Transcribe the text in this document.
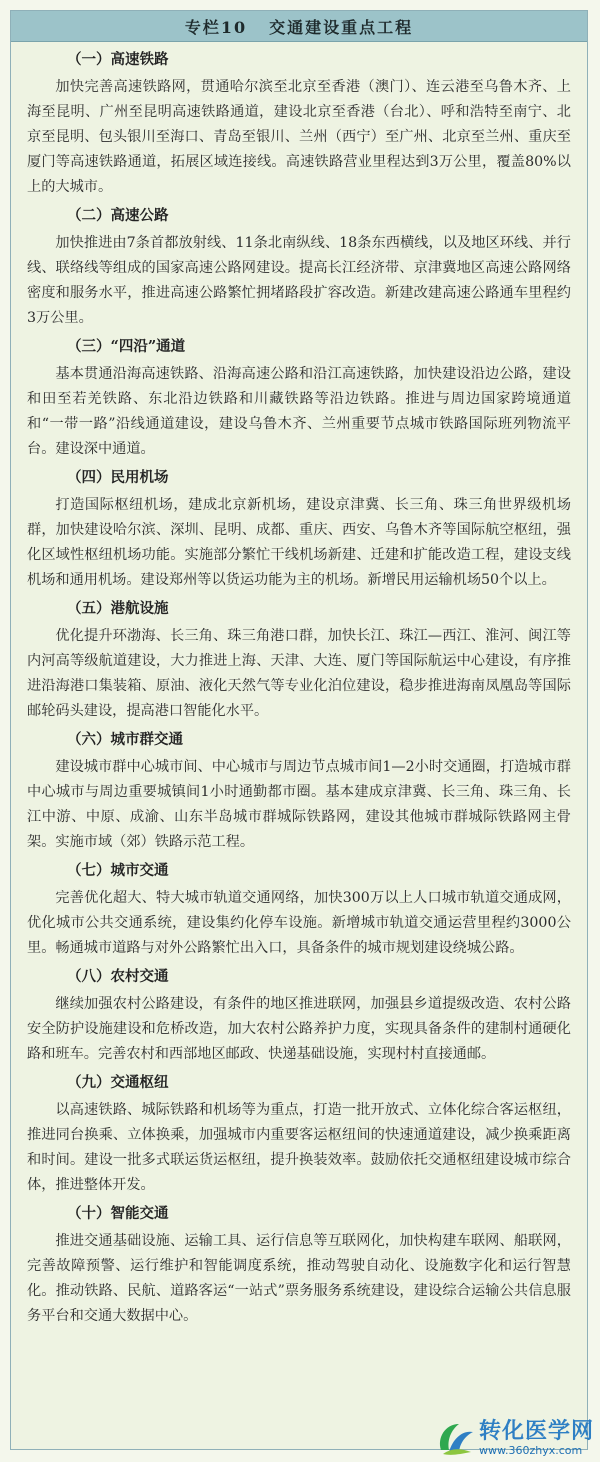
专栏10 交通建设重点工程
（一）高速铁路
加快完善高速铁路网，贯通哈尔滨至北京至香港（澳门）、连云港至乌鲁木齐、上海至昆明、广州至昆明高速铁路通道，建设北京至香港（台北）、呼和浩特至南宁、北京至昆明、包头银川至海口、青岛至银川、兰州（西宁）至广州、北京至兰州、重庆至厦门等高速铁路通道，拓展区域连接线。高速铁路营业里程达到3万公里，覆盖80%以上的大城市。
（二）高速公路
加快推进由7条首都放射线、11条北南纵线、18条东西横线，以及地区环线、并行线、联络线等组成的国家高速公路网建设。提高长江经济带、京津冀地区高速公路网络密度和服务水平，推进高速公路繁忙拥堵路段扩容改造。新建改建高速公路通车里程约3万公里。
（三）“四沿”通道
基本贯通沿海高速铁路、沿海高速公路和沿江高速铁路，加快建设沿边公路，建设和田至若羌铁路、东北沿边铁路和川藏铁路等沿边铁路。推进与周边国家跨境通道和“一带一路”沿线通道建设，建设乌鲁木齐、兰州重要节点城市铁路国际班列物流平台。建设深中通道。
（四）民用机场
打造国际枢纽机场，建成北京新机场，建设京津冀、长三角、珠三角世界级机场群，加快建设哈尔滨、深圳、昆明、成都、重庆、西安、乌鲁木齐等国际航空枢纽，强化区域性枢纽机场功能。实施部分繁忙干线机场新建、迁建和扩能改造工程，建设支线机场和通用机场。建设郑州等以货运功能为主的机场。新增民用运输机场50个以上。
（五）港航设施
优化提升环渤海、长三角、珠三角港口群，加快长江、珠江—西江、淮河、闽江等内河高等级航道建设，大力推进上海、天津、大连、厦门等国际航运中心建设，有序推进沿海港口集装箱、原油、液化天然气等专业化泊位建设，稳步推进海南凤凰岛等国际邮轮码头建设，提高港口智能化水平。
（六）城市群交通
建设城市群中心城市间、中心城市与周边节点城市间1—2小时交通圈，打造城市群中心城市与周边重要城镇间1小时通勤都市圈。基本建成京津冀、长三角、珠三角、长江中游、中原、成渝、山东半岛城市群城际铁路网，建设其他城市群城际铁路网主骨架。实施市域（郊）铁路示范工程。
（七）城市交通
完善优化超大、特大城市轨道交通网络，加快300万以上人口城市轨道交通成网，优化城市公共交通系统，建设集约化停车设施。新增城市轨道交通运营里程约3000公里。畅通城市道路与对外公路繁忙出入口，具备条件的城市规划建设绕城公路。
（八）农村交通
继续加强农村公路建设，有条件的地区推进联网，加强县乡道提级改造、农村公路安全防护设施建设和危桥改造，加大农村公路养护力度，实现具备条件的建制村通硬化路和班车。完善农村和西部地区邮政、快递基础设施，实现村村直接通邮。
（九）交通枢纽
以高速铁路、城际铁路和机场等为重点，打造一批开放式、立体化综合客运枢纽，推进同台换乘、立体换乘，加强城市内重要客运枢纽间的快速通道建设，减少换乘距离和时间。建设一批多式联运货运枢纽，提升换装效率。鼓励依托交通枢纽建设城市综合体，推进整体开发。
（十）智能交通
推进交通基础设施、运输工具、运行信息等互联网化，加快构建车联网、船联网，完善故障预警、运行维护和智能调度系统，推动驾驶自动化、设施数字化和运行智慧化。推动铁路、民航、道路客运“一站式”票务服务系统建设，建设综合运输公共信息服务平台和交通大数据中心。
转化医学网
www.360zhyx.com
